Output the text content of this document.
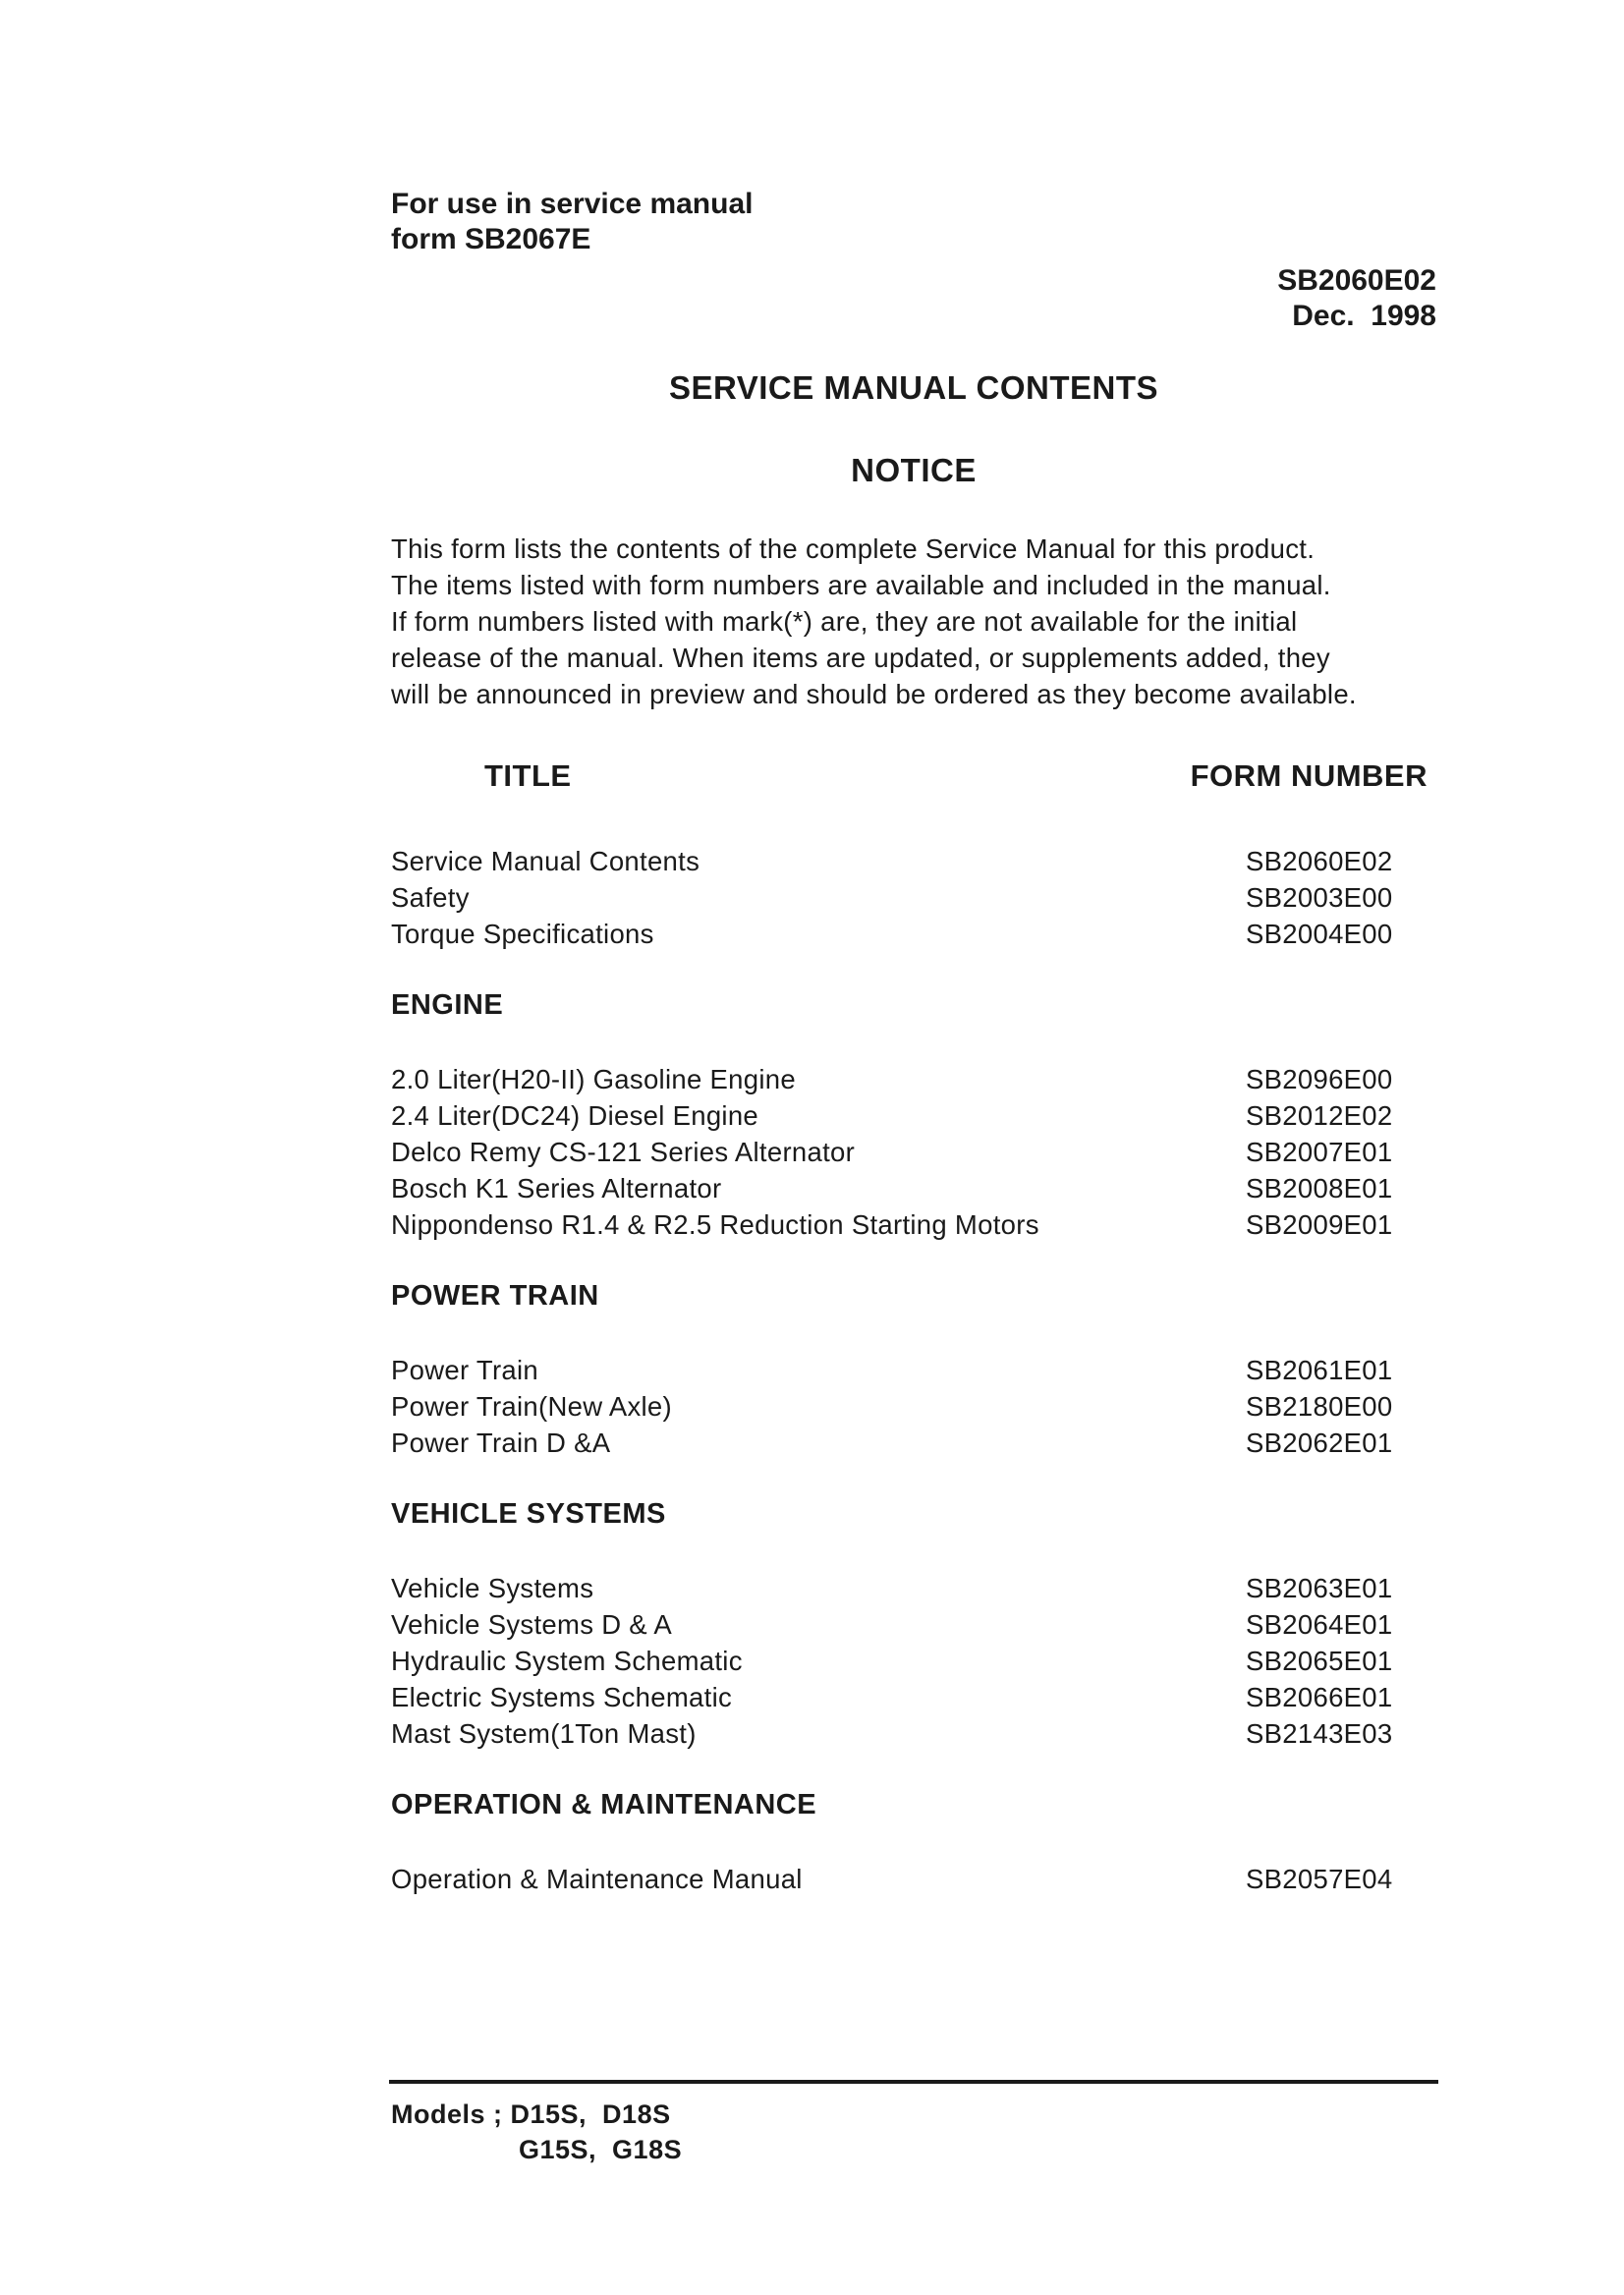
For use in service manual
form SB2067E
SB2060E02
Dec.  1998
SERVICE MANUAL CONTENTS
NOTICE
This form lists the contents of the complete Service Manual for this product.
The items listed with form numbers are available and included in the manual.
If form numbers listed with mark(*) are, they are not available for the initial
release of the manual. When items are updated, or supplements added, they
will be announced in preview and should be ordered as they become available.
TITLE	FORM NUMBER
Service Manual Contents	SB2060E02
Safety	SB2003E00
Torque Specifications	SB2004E00
ENGINE
2.0 Liter(H20-II) Gasoline Engine	SB2096E00
2.4 Liter(DC24) Diesel Engine	SB2012E02
Delco Remy CS-121 Series Alternator	SB2007E01
Bosch K1 Series Alternator	SB2008E01
Nippondenso R1.4 & R2.5 Reduction Starting Motors	SB2009E01
POWER TRAIN
Power Train	SB2061E01
Power Train(New Axle)	SB2180E00
Power Train D &A	SB2062E01
VEHICLE SYSTEMS
Vehicle Systems	SB2063E01
Vehicle Systems D & A	SB2064E01
Hydraulic System Schematic	SB2065E01
Electric Systems Schematic	SB2066E01
Mast System(1Ton Mast)	SB2143E03
OPERATION & MAINTENANCE
Operation & Maintenance Manual	SB2057E04
Models ; D15S,  D18S
G15S,  G18S
